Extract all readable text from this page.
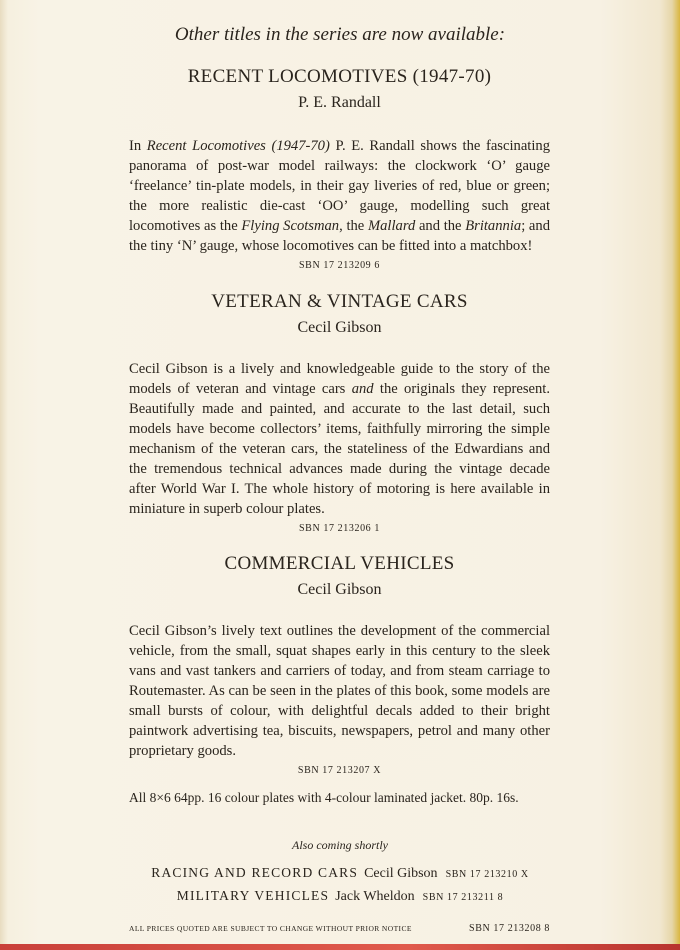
Other titles in the series are now available:
RECENT LOCOMOTIVES (1947-70)
P. E. Randall

In Recent Locomotives (1947-70) P. E. Randall shows the fascinating panorama of post-war model railways: the clockwork ‘O’ gauge ‘freelance’ tin-plate models, in their gay liveries of red, blue or green; the more realistic die-cast ‘OO’ gauge, modelling such great locomotives as the Flying Scotsman, the Mallard and the Britannia; and the tiny ‘N’ gauge, whose locomotives can be fitted into a matchbox!

SBN 17 213209 6
VETERAN & VINTAGE CARS
Cecil Gibson

Cecil Gibson is a lively and knowledgeable guide to the story of the models of veteran and vintage cars and the originals they represent. Beautifully made and painted, and accurate to the last detail, such models have become collectors’ items, faithfully mirroring the simple mechanism of the veteran cars, the stateliness of the Edwardians and the tremendous technical advances made during the vintage decade after World War I. The whole history of motoring is here available in miniature in superb colour plates.

SBN 17 213206 1
COMMERCIAL VEHICLES
Cecil Gibson

Cecil Gibson’s lively text outlines the development of the commercial vehicle, from the small, squat shapes early in this century to the sleek vans and vast tankers and carriers of today, and from steam carriage to Routemaster. As can be seen in the plates of this book, some models are small bursts of colour, with delightful decals added to their bright paintwork advertising tea, biscuits, newspapers, petrol and many other proprietary goods.

SBN 17 213207 X
All 8×6 64pp. 16 colour plates with 4-colour laminated jacket. 80p. 16s.
Also coming shortly
RACING AND RECORD CARS Cecil Gibson SBN 17 213210 X
MILITARY VEHICLES Jack Wheldon SBN 17 213211 8
ALL PRICES QUOTED ARE SUBJECT TO CHANGE WITHOUT PRIOR NOTICE	SBN 17 213208 8
